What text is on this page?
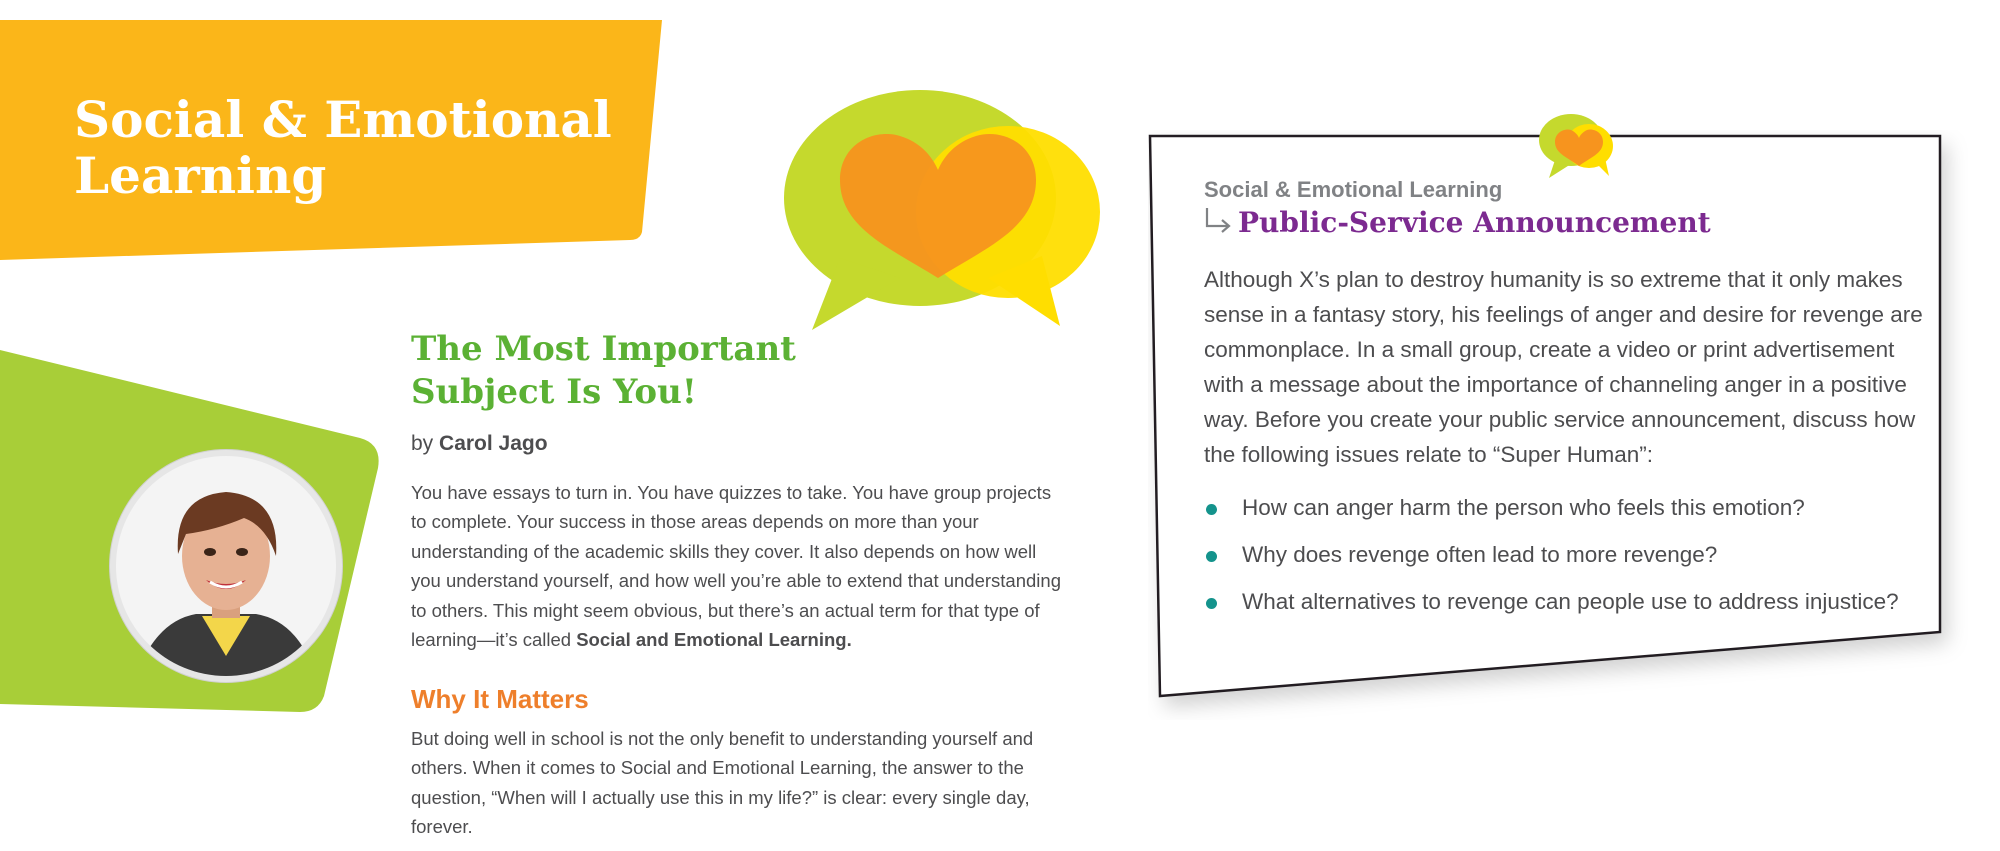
Social & Emotional
Learning
The Most Important
Subject Is You!
by Carol Jago
You have essays to turn in. You have quizzes to take. You have group projects to complete. Your success in those areas depends on more than your understanding of the academic skills they cover. It also depends on how well you understand yourself, and how well you’re able to extend that understanding to others. This might seem obvious, but there’s an actual term for that type of learning—it’s called Social and Emotional Learning.
Why It Matters
But doing well in school is not the only benefit to understanding yourself and others. When it comes to Social and Emotional Learning, the answer to the question, “When will I actually use this in my life?” is clear: every single day, forever.
Social & Emotional Learning
Public-Service Announcement
Although X’s plan to destroy humanity is so extreme that it only makes sense in a fantasy story, his feelings of anger and desire for revenge are commonplace. In a small group, create a video or print advertisement with a message about the importance of channeling anger in a positive way. Before you create your public service announcement, discuss how the following issues relate to “Super Human”:
How can anger harm the person who feels this emotion?
Why does revenge often lead to more revenge?
What alternatives to revenge can people use to address injustice?
